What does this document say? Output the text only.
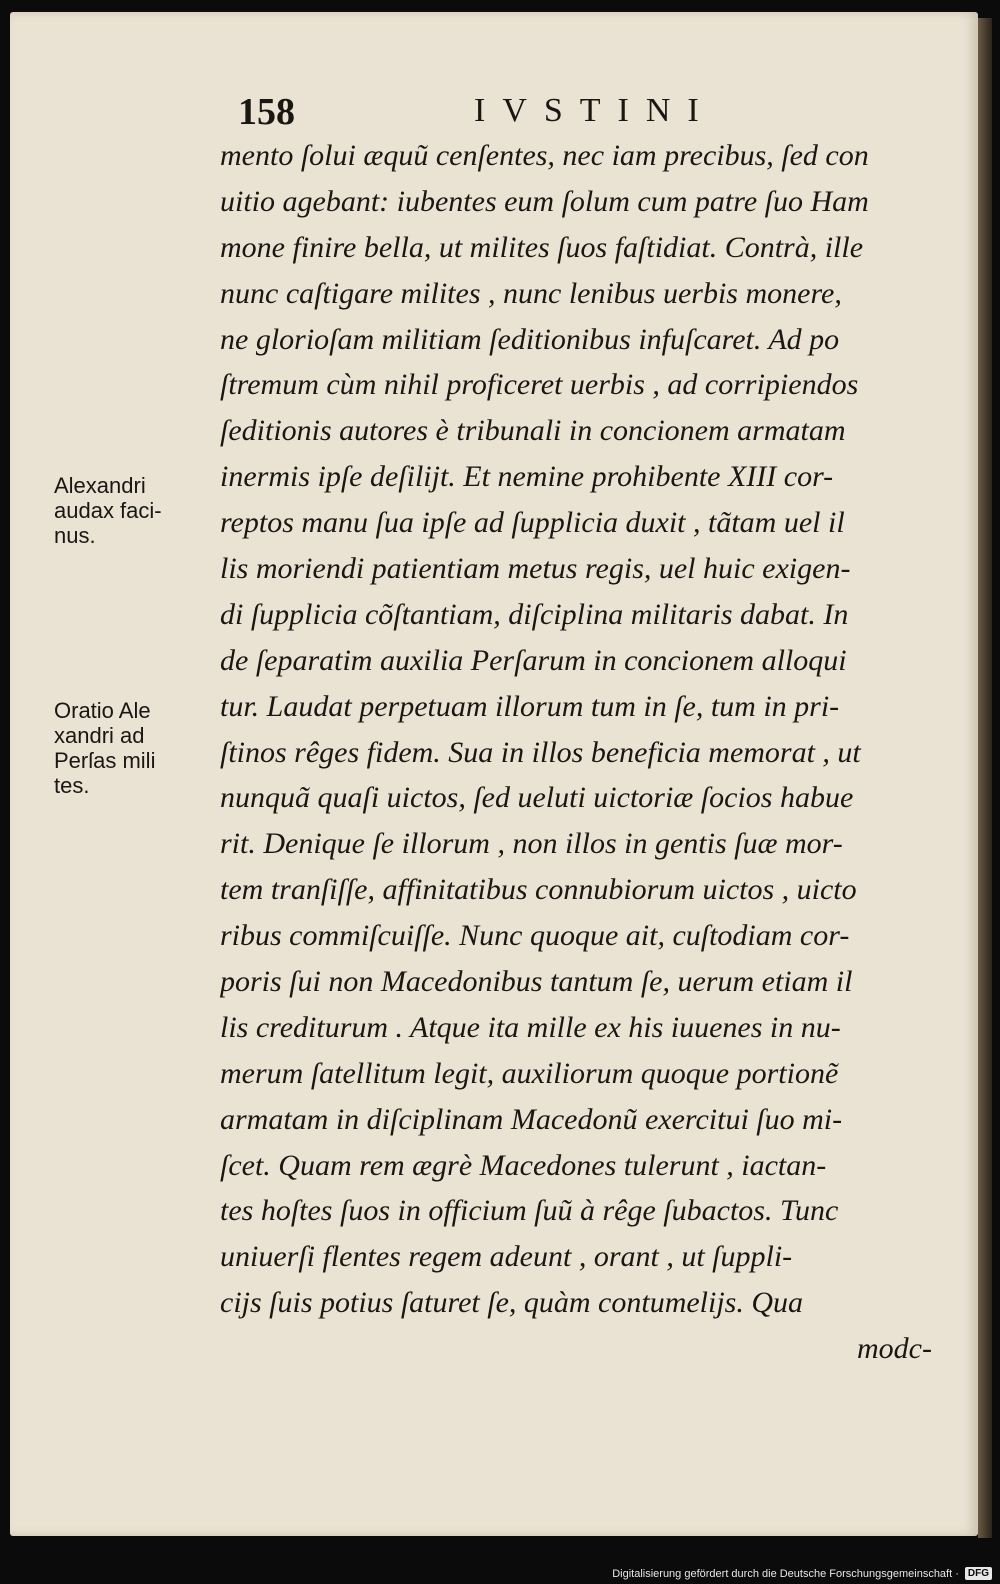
158	IVSTINI
Alexandri
audax faci-
nus.
Oratio Ale
xandri ad
Perſas mili
tes.
mento ſolui æquũ cenſentes, nec iam precibus, ſed con
uitio agebant: iubentes eum ſolum cum patre ſuo Ham
mone finire bella, ut milites ſuos faſtidiat. Contrà, ille
nunc caſtigare milites , nunc lenibus uerbis monere,
ne glorioſam militiam ſeditionibus infuſcaret. Ad po
ſtremum cùm nihil proficeret uerbis , ad corripiendos
ſeditionis autores è tribunali in concionem armatam
inermis ipſe deſilijt. Et nemine prohibente XIII cor-
reptos manu ſua ipſe ad ſupplicia duxit , tãtam uel il
lis moriendi patientiam metus regis, uel huic exigen-
di ſupplicia cõſtantiam, diſciplina militaris dabat. In
de ſeparatim auxilia Perſarum in concionem alloqui
tur. Laudat perpetuam illorum tum in ſe, tum in pri-
ſtinos rêges fidem. Sua in illos beneficia memorat , ut
nunquã quaſi uictos, ſed ueluti uictoriæ ſocios habue
rit. Denique ſe illorum , non illos in gentis ſuæ mor-
tem tranſiſſe, affinitatibus connubiorum uictos , uicto
ribus commiſcuiſſe. Nunc quoque ait, cuſtodiam cor-
poris ſui non Macedonibus tantum ſe, uerum etiam il
lis crediturum . Atque ita mille ex his iuuenes in nu-
merum ſatellitum legit, auxiliorum quoque portionẽ
armatam in diſciplinam Macedonũ exercitui ſuo mi-
ſcet. Quam rem ægrè Macedones tulerunt , iactan-
tes hoſtes ſuos in officium ſuũ à rêge ſubactos. Tunc
uniuerſi flentes regem adeunt , orant , ut ſuppli-
cijs ſuis potius ſaturet ſe, quàm contumelijs. Qua
modc-
Digitalisierung gefördert durch die Deutsche Forschungsgemeinschaft · DFG
